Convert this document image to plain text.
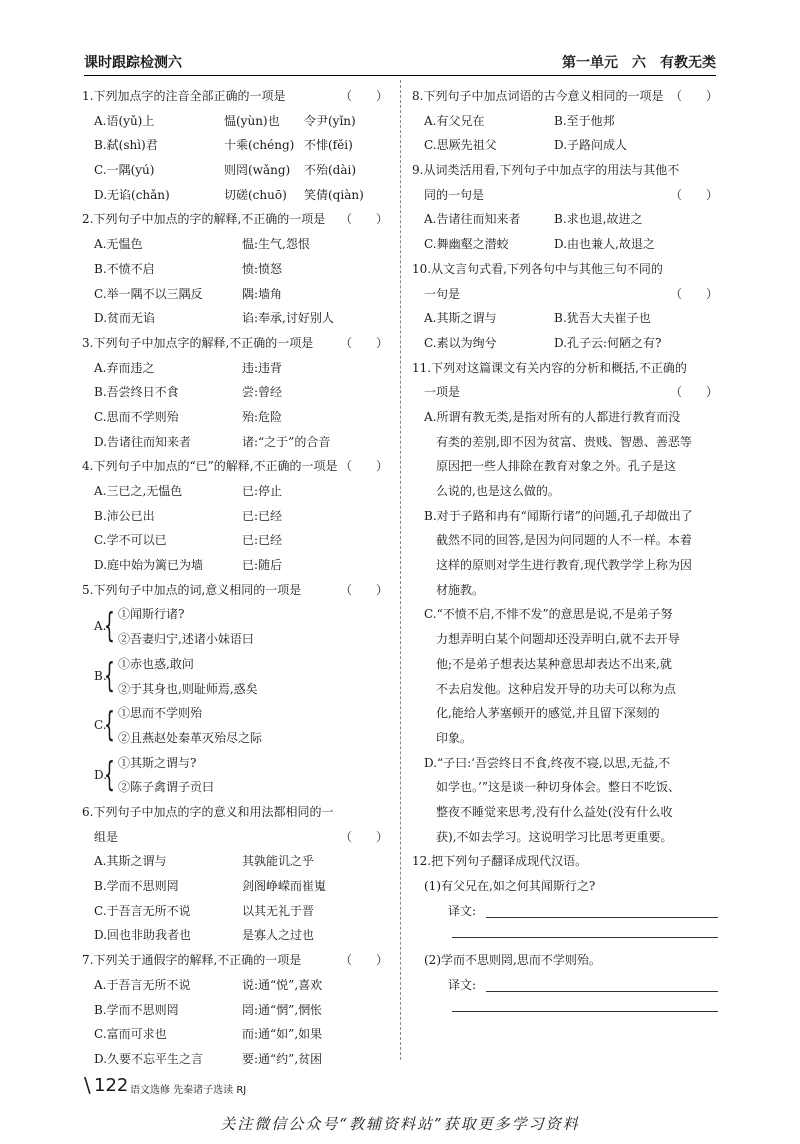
课时跟踪检测六	第一单元　六　有教无类
1.下列加点字的注音全部正确的一项是	（　　）
A.语(yǔ)上	愠(yùn)也 令尹(yǐn)
B.弑(shì)君	十乘(chéng) 不悱(fěi)
C.一隅(yú)	则罔(wǎng) 不殆(dài)
D.无谄(chǎn)	切磋(chuō) 笑倩(qiàn)
2.下列句子中加点的字的解释,不正确的一项是 （　　）
A.无愠色	愠:生气,怨恨
B.不愤不启	愤:愤怒
C.举一隅不以三隅反	隅:墙角
D.贫而无谄	谄:奉承,讨好别人
3.下列句子中加点字的解释,不正确的一项是 （　　）
A.弃而违之	违:违背
B.吾尝终日不食	尝:曾经
C.思而不学则殆	殆:危险
D.告诸往而知来者	诸:“之于”的合音
4.下列句子中加点的“已”的解释,不正确的一项是 （　　）
A.三已之,无愠色	已:停止
B.沛公已出	已:已经
C.学不可以已	已:已经
D.庭中始为篱已为墙	已:随后
5.下列句子中加点的词,意义相同的一项是	（　　）
A.
{ ①闻斯行诸?
②吾妻归宁,述诸小妹语曰
B.
{ ①赤也惑,敢问
②于其身也,则耻师焉,惑矣
C.
{ ①思而不学则殆
②且燕赵处秦革灭殆尽之际
D.
{ ①其斯之谓与?
②陈子禽谓子贡曰
6.下列句子中加点的字的意义和用法都相同的一
组是	（　　）
A.其斯之谓与	其孰能讥之乎
B.学而不思则罔	剑阁峥嵘而崔嵬
C.于吾言无所不说	以其无礼于晋
D.回也非助我者也	是寡人之过也
7.下列关于通假字的解释,不正确的一项是	（　　）
A.于吾言无所不说	说:通“悦”,喜欢
B.学而不思则罔	罔:通“惘”,惘怅
C.富而可求也	而:通“如”,如果
D.久要不忘平生之言	要:通“约”,贫困
8.下列句子中加点词语的古今意义相同的一项是 （　　）
A.有父兄在	B.至于他邦
C.思厥先祖父	D.子路问成人
9.从词类活用看,下列句子中加点字的用法与其他不
同的一句是	（　　）
A.告诸往而知来者	B.求也退,故进之
C.舞幽壑之潜蛟	D.由也兼人,故退之
10.从文言句式看,下列各句中与其他三句不同的
一句是	（　　）
A.其斯之谓与	B.犹吾大夫崔子也
C.素以为绚兮	D.孔子云:何陋之有?
11.下列对这篇课文有关内容的分析和概括,不正确的
一项是	（　　）
A.所谓有教无类,是指对所有的人都进行教育而没
有类的差别,即不因为贫富、贵贱、智愚、善恶等
原因把一些人排除在教育对象之外。孔子是这
么说的,也是这么做的。
B.对于子路和冉有“闻斯行诸”的问题,孔子却做出了
截然不同的回答,是因为问同题的人不一样。本着
这样的原则对学生进行教育,现代教学学上称为因
材施教。
C.“不愤不启,不悱不发”的意思是说,不是弟子努
力想弄明白某个问题却还没弄明白,就不去开导
他;不是弟子想表达某种意思却表达不出来,就
不去启发他。这种启发开导的功夫可以称为点
化,能给人茅塞顿开的感觉,并且留下深刻的
印象。
D.“子曰:‘吾尝终日不食,终夜不寝,以思,无益,不
如学也。’”这是谈一种切身体会。整日不吃饭、
整夜不睡觉来思考,没有什么益处(没有什么收
获),不如去学习。这说明学习比思考更重要。
12.把下列句子翻译成现代汉语。
(1)有父兄在,如之何其闻斯行之?
译文:
(2)学而不思则罔,思而不学则殆。
译文:
\ 122 语文选修 先秦诸子选读 RJ
关注微信公众号“教辅资料站”获取更多学习资料
